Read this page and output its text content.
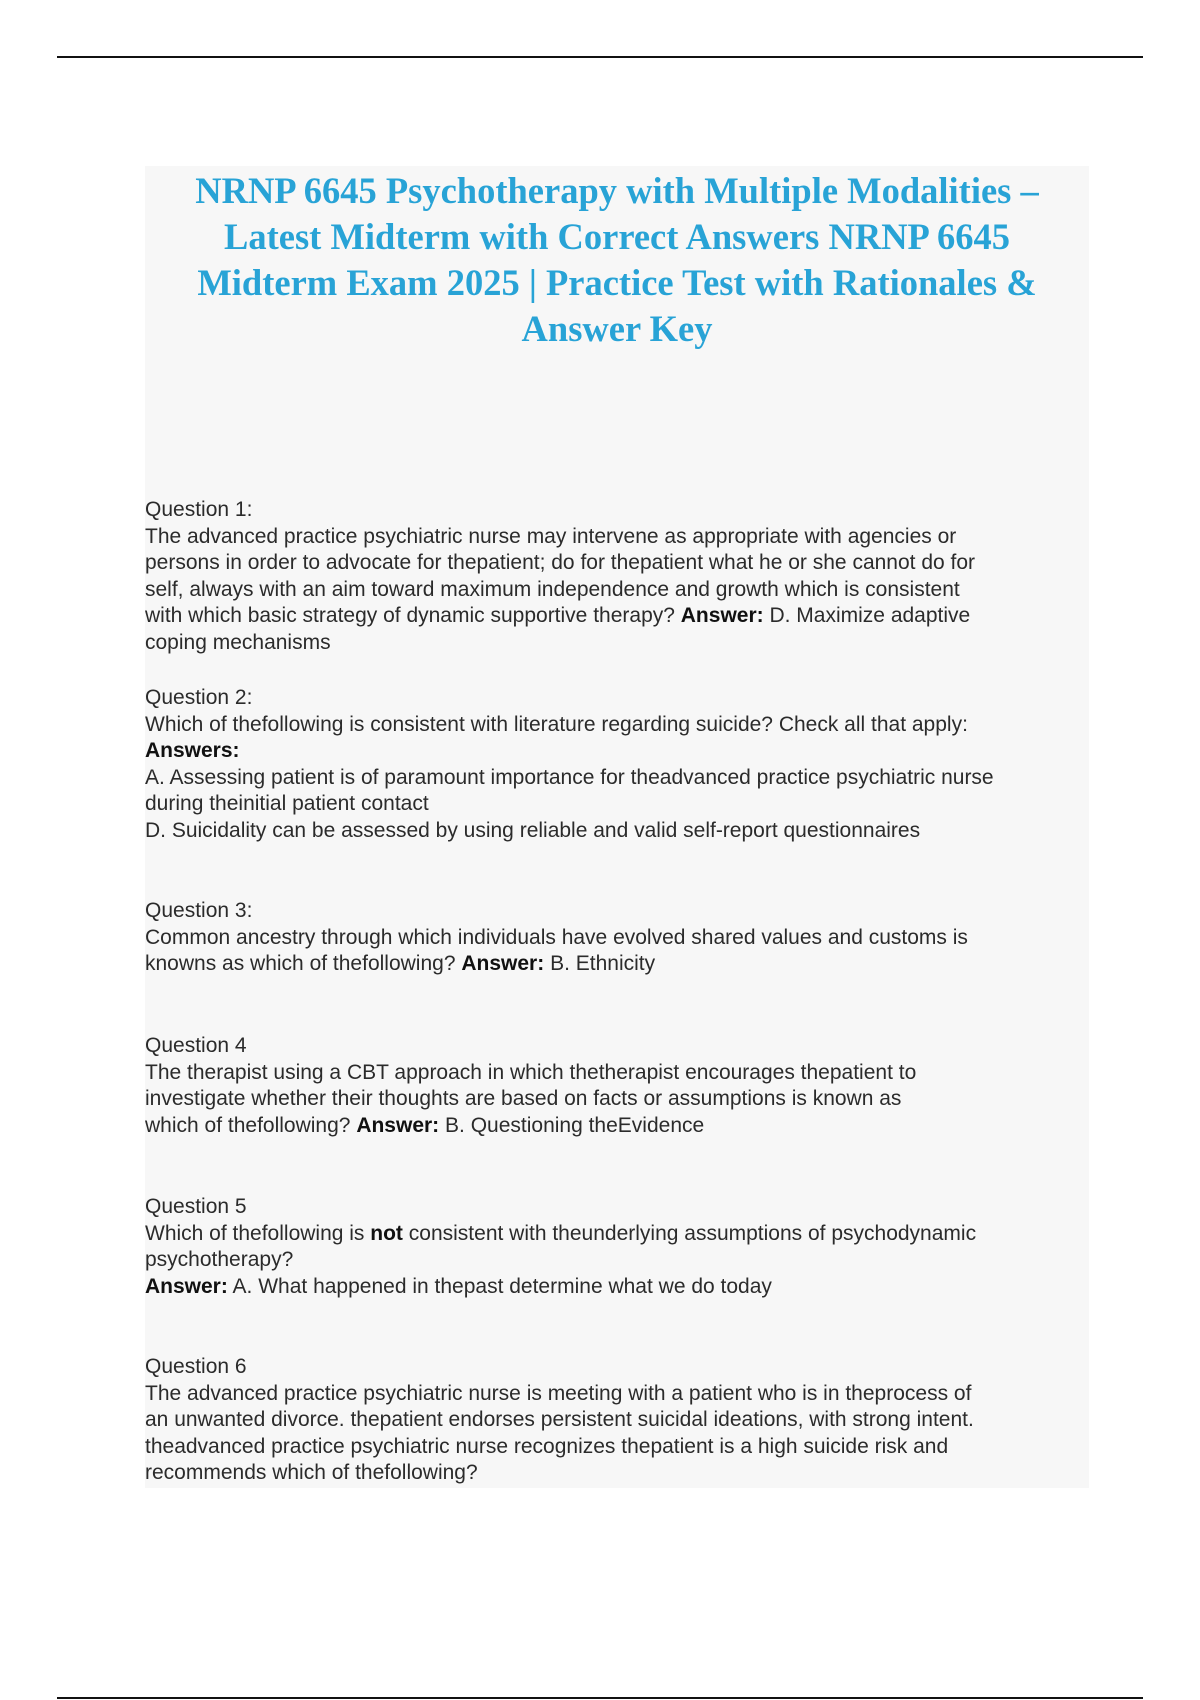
NRNP 6645 Psychotherapy with Multiple Modalities –
Latest Midterm with Correct Answers NRNP 6645
Midterm Exam 2025 | Practice Test with Rationales &
Answer Key
Question 1:

The advanced practice psychiatric nurse may intervene as appropriate with agencies or

persons in order to advocate for thepatient; do for thepatient what he or she cannot do for

self, always with an aim toward maximum independence and growth which is consistent

with which basic strategy of dynamic supportive therapy? Answer: D. Maximize adaptive

coping mechanisms

Question 2:

Which of thefollowing is consistent with literature regarding suicide? Check all that apply:

Answers:

A. Assessing patient is of paramount importance for theadvanced practice psychiatric nurse

during theinitial patient contact

D. Suicidality can be assessed by using reliable and valid self-report questionnaires

Question 3:

Common ancestry through which individuals have evolved shared values and customs is

knowns as which of thefollowing? Answer: B. Ethnicity

Question 4

The therapist using a CBT approach in which thetherapist encourages thepatient to

investigate whether their thoughts are based on facts or assumptions is known as

which of thefollowing? Answer: B. Questioning theEvidence

Question 5

Which of thefollowing is not consistent with theunderlying assumptions of psychodynamic

psychotherapy?

Answer: A. What happened in thepast determine what we do today

Question 6

The advanced practice psychiatric nurse is meeting with a patient who is in theprocess of

an unwanted divorce. thepatient endorses persistent suicidal ideations, with strong intent.

theadvanced practice psychiatric nurse recognizes thepatient is a high suicide risk and

recommends which of thefollowing?
